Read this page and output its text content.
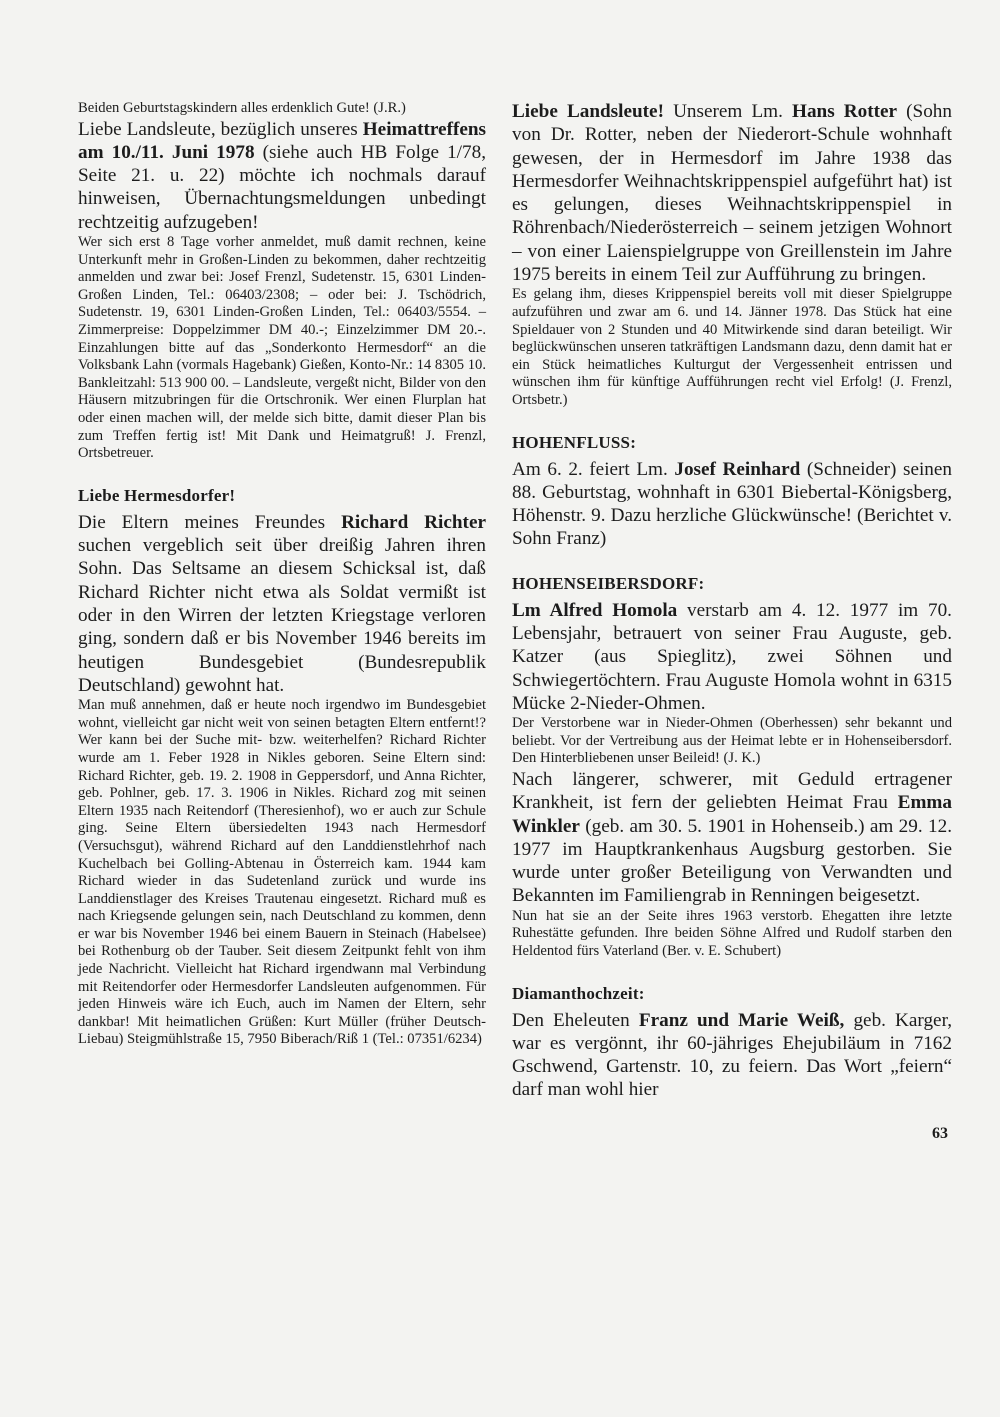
Beiden Geburtstagskindern alles erdenklich Gute! (J.R.)

Liebe Landsleute, bezüglich unseres Heimattreffens am 10./11. Juni 1978 (siehe auch HB Folge 1/78, Seite 21. u. 22) möchte ich nochmals darauf hinweisen, Übernachtungsmeldungen unbedingt rechtzeitig aufzugeben!

Wer sich erst 8 Tage vorher anmeldet, muß damit rechnen, keine Unterkunft mehr in Großen-Linden zu bekommen, daher rechtzeitig anmelden und zwar bei: Josef Frenzl, Sudetenstr. 15, 6301 Linden-Großen Linden, Tel.: 06403/2308; – oder bei: J. Tschödrich, Sudetenstr. 19, 6301 Linden-Großen Linden, Tel.: 06403/5554. – Zimmerpreise: Doppelzimmer DM 40.-; Einzelzimmer DM 20.-. Einzahlungen bitte auf das „Sonderkonto Hermesdorf“ an die Volksbank Lahn (vormals Hagebank) Gießen, Konto-Nr.: 14 8305 10. Bankleitzahl: 513 900 00. – Landsleute, vergeßt nicht, Bilder von den Häusern mitzubringen für die Ortschronik. Wer einen Flurplan hat oder einen machen will, der melde sich bitte, damit dieser Plan bis zum Treffen fertig ist! Mit Dank und Heimatgruß! J. Frenzl, Ortsbetreuer.

Liebe Hermesdorfer!

Die Eltern meines Freundes Richard Richter suchen vergeblich seit über dreißig Jahren ihren Sohn. Das Seltsame an diesem Schicksal ist, daß Richard Richter nicht etwa als Soldat vermißt ist oder in den Wirren der letzten Kriegstage verloren ging, sondern daß er bis November 1946 bereits im heutigen Bundesgebiet (Bundesrepublik Deutschland) gewohnt hat.

Man muß annehmen, daß er heute noch irgendwo im Bundesgebiet wohnt, vielleicht gar nicht weit von seinen betagten Eltern entfernt!? Wer kann bei der Suche mit- bzw. weiterhelfen? Richard Richter wurde am 1. Feber 1928 in Nikles geboren. Seine Eltern sind: Richard Richter, geb. 19. 2. 1908 in Geppersdorf, und Anna Richter, geb. Pohlner, geb. 17. 3. 1906 in Nikles. Richard zog mit seinen Eltern 1935 nach Reitendorf (Theresienhof), wo er auch zur Schule ging. Seine Eltern übersiedelten 1943 nach Hermesdorf (Versuchsgut), während Richard auf den Landdienstlehrhof nach Kuchelbach bei Golling-Abtenau in Österreich kam. 1944 kam Richard wieder in das Sudetenland zurück und wurde ins Landdienstlager des Kreises Trautenau eingesetzt. Richard muß es nach Kriegsende gelungen sein, nach Deutschland zu kommen, denn er war bis November 1946 bei einem Bauern in Steinach (Habelsee) bei Rothenburg ob der Tauber. Seit diesem Zeitpunkt fehlt von ihm jede Nachricht. Vielleicht hat Richard irgendwann mal Verbindung mit Reitendorfer oder Hermesdorfer Landsleuten aufgenommen. Für jeden Hinweis wäre ich Euch, auch im Namen der Eltern, sehr dankbar! Mit heimatlichen Grüßen: Kurt Müller (früher Deutsch-Liebau) Steigmühlstraße 15, 7950 Biberach/Riß 1 (Tel.: 07351/6234)

Liebe Landsleute! Unserem Lm. Hans Rotter (Sohn von Dr. Rotter, neben der Niederort-Schule wohnhaft gewesen, der in Hermesdorf im Jahre 1938 das Hermesdorfer Weihnachtskrippenspiel aufgeführt hat) ist es gelungen, dieses Weihnachtskrippenspiel in Röhrenbach/Niederösterreich – seinem jetzigen Wohnort – von einer Laienspielgruppe von Greillenstein im Jahre 1975 bereits in einem Teil zur Aufführung zu bringen.

Es gelang ihm, dieses Krippenspiel bereits voll mit dieser Spielgruppe aufzuführen und zwar am 6. und 14. Jänner 1978. Das Stück hat eine Spieldauer von 2 Stunden und 40 Mitwirkende sind daran beteiligt. Wir beglückwünschen unseren tatkräftigen Landsmann dazu, denn damit hat er ein Stück heimatliches Kulturgut der Vergessenheit entrissen und wünschen ihm für künftige Aufführungen recht viel Erfolg! (J. Frenzl, Ortsbetr.)

HOHENFLUSS:

Am 6. 2. feiert Lm. Josef Reinhard (Schneider) seinen 88. Geburtstag, wohnhaft in 6301 Biebertal-Königsberg, Höhenstr. 9. Dazu herzliche Glückwünsche! (Berichtet v. Sohn Franz)

HOHENSEIBERSDORF:

Lm Alfred Homola verstarb am 4. 12. 1977 im 70. Lebensjahr, betrauert von seiner Frau Auguste, geb. Katzer (aus Spieglitz), zwei Söhnen und Schwiegertöchtern. Frau Auguste Homola wohnt in 6315 Mücke 2-Nieder-Ohmen.

Der Verstorbene war in Nieder-Ohmen (Oberhessen) sehr bekannt und beliebt. Vor der Vertreibung aus der Heimat lebte er in Hohenseibersdorf. Den Hinterbliebenen unser Beileid! (J. K.)

Nach längerer, schwerer, mit Geduld ertragener Krankheit, ist fern der geliebten Heimat Frau Emma Winkler (geb. am 30. 5. 1901 in Hohenseib.) am 29. 12. 1977 im Hauptkrankenhaus Augsburg gestorben. Sie wurde unter großer Beteiligung von Verwandten und Bekannten im Familiengrab in Renningen beigesetzt.

Nun hat sie an der Seite ihres 1963 verstorb. Ehegatten ihre letzte Ruhestätte gefunden. Ihre beiden Söhne Alfred und Rudolf starben den Heldentod fürs Vaterland (Ber. v. E. Schubert)

Diamanthochzeit:

Den Eheleuten Franz und Marie Weiß, geb. Karger, war es vergönnt, ihr 60-jähriges Ehejubiläum in 7162 Gschwend, Gartenstr. 10, zu feiern. Das Wort „feiern“ darf man wohl hier

63
